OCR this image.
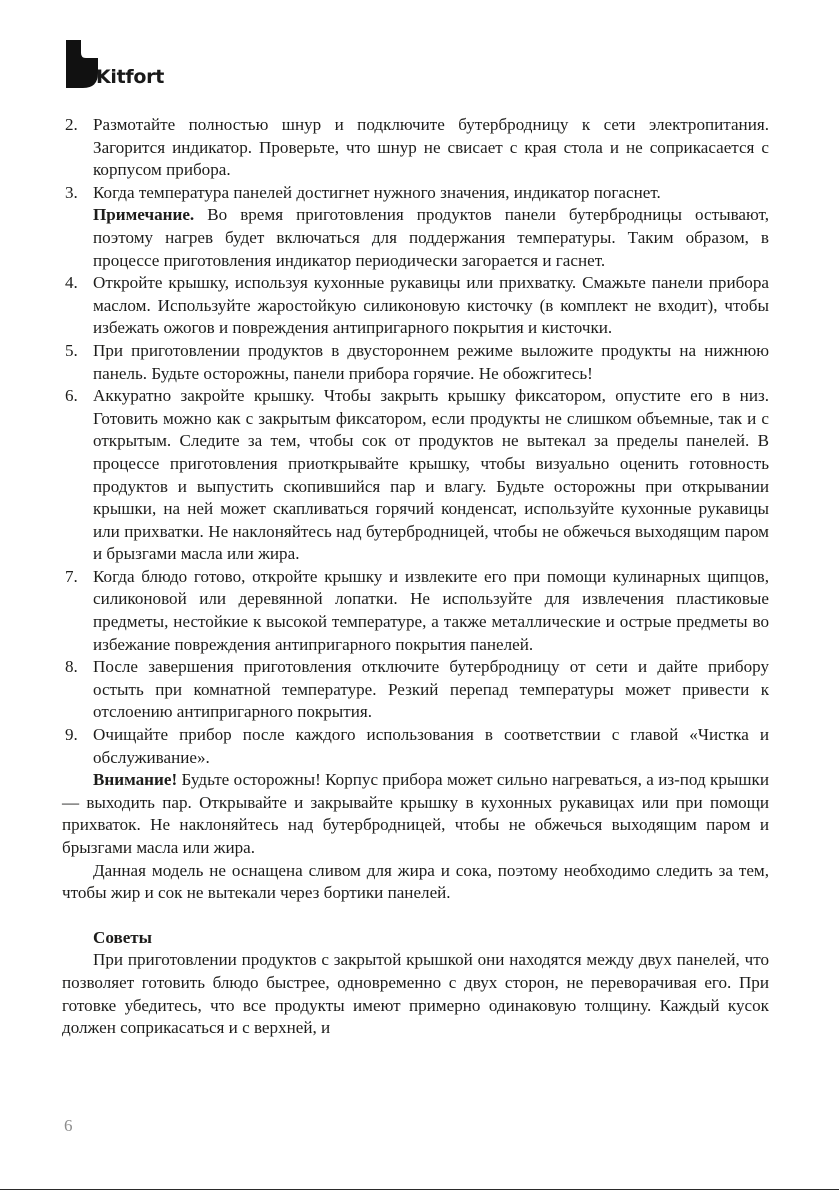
Kitfort
2. Размотайте полностью шнур и подключите бутербродницу к сети электропитания. Загорится индикатор. Проверьте, что шнур не свисает с края стола и не соприкасается с корпусом прибора.
3. Когда температура панелей достигнет нужного значения, индикатор погаснет.
Примечание. Во время приготовления продуктов панели бутербродницы остывают, поэтому нагрев будет включаться для поддержания температуры. Таким образом, в процессе приготовления индикатор периодически загорается и гаснет.
4. Откройте крышку, используя кухонные рукавицы или прихватку. Смажьте панели прибора маслом. Используйте жаростойкую силиконовую кисточку (в комплект не входит), чтобы избежать ожогов и повреждения антипригарного покрытия и кисточки.
5. При приготовлении продуктов в двустороннем режиме выложите продукты на нижнюю панель. Будьте осторожны, панели прибора горячие. Не обожгитесь!
6. Аккуратно закройте крышку. Чтобы закрыть крышку фиксатором, опустите его в низ. Готовить можно как с закрытым фиксатором, если продукты не слишком объемные, так и с открытым. Следите за тем, чтобы сок от продуктов не вытекал за пределы панелей. В процессе приготовления приоткрывайте крышку, чтобы визуально оценить готовность продуктов и выпустить скопившийся пар и влагу. Будьте осторожны при открывании крышки, на ней может скапливаться горячий конденсат, используйте кухонные рукавицы или прихватки. Не наклоняйтесь над бутербродницей, чтобы не обжечься выходящим паром и брызгами масла или жира.
7. Когда блюдо готово, откройте крышку и извлеките его при помощи кулинарных щипцов, силиконовой или деревянной лопатки. Не используйте для извлечения пластиковые предметы, нестойкие к высокой температуре, а также металлические и острые предметы во избежание повреждения антипригарного покрытия панелей.
8. После завершения приготовления отключите бутербродницу от сети и дайте прибору остыть при комнатной температуре. Резкий перепад температуры может привести к отслоению антипригарного покрытия.
9. Очищайте прибор после каждого использования в соответствии с главой «Чистка и обслуживание».

Внимание! Будьте осторожны! Корпус прибора может сильно нагреваться, а из-под крышки — выходить пар. Открывайте и закрывайте крышку в кухонных рукавицах или при помощи прихваток. Не наклоняйтесь над бутербродницей, чтобы не обжечься выходящим паром и брызгами масла или жира.

Данная модель не оснащена сливом для жира и сока, поэтому необходимо следить за тем, чтобы жир и сок не вытекали через бортики панелей.

Советы

При приготовлении продуктов с закрытой крышкой они находятся между двух панелей, что позволяет готовить блюдо быстрее, одновременно с двух сторон, не переворачивая его. При готовке убедитесь, что все продукты имеют примерно одинаковую толщину. Каждый кусок должен соприкасаться и с верхней, и

6
